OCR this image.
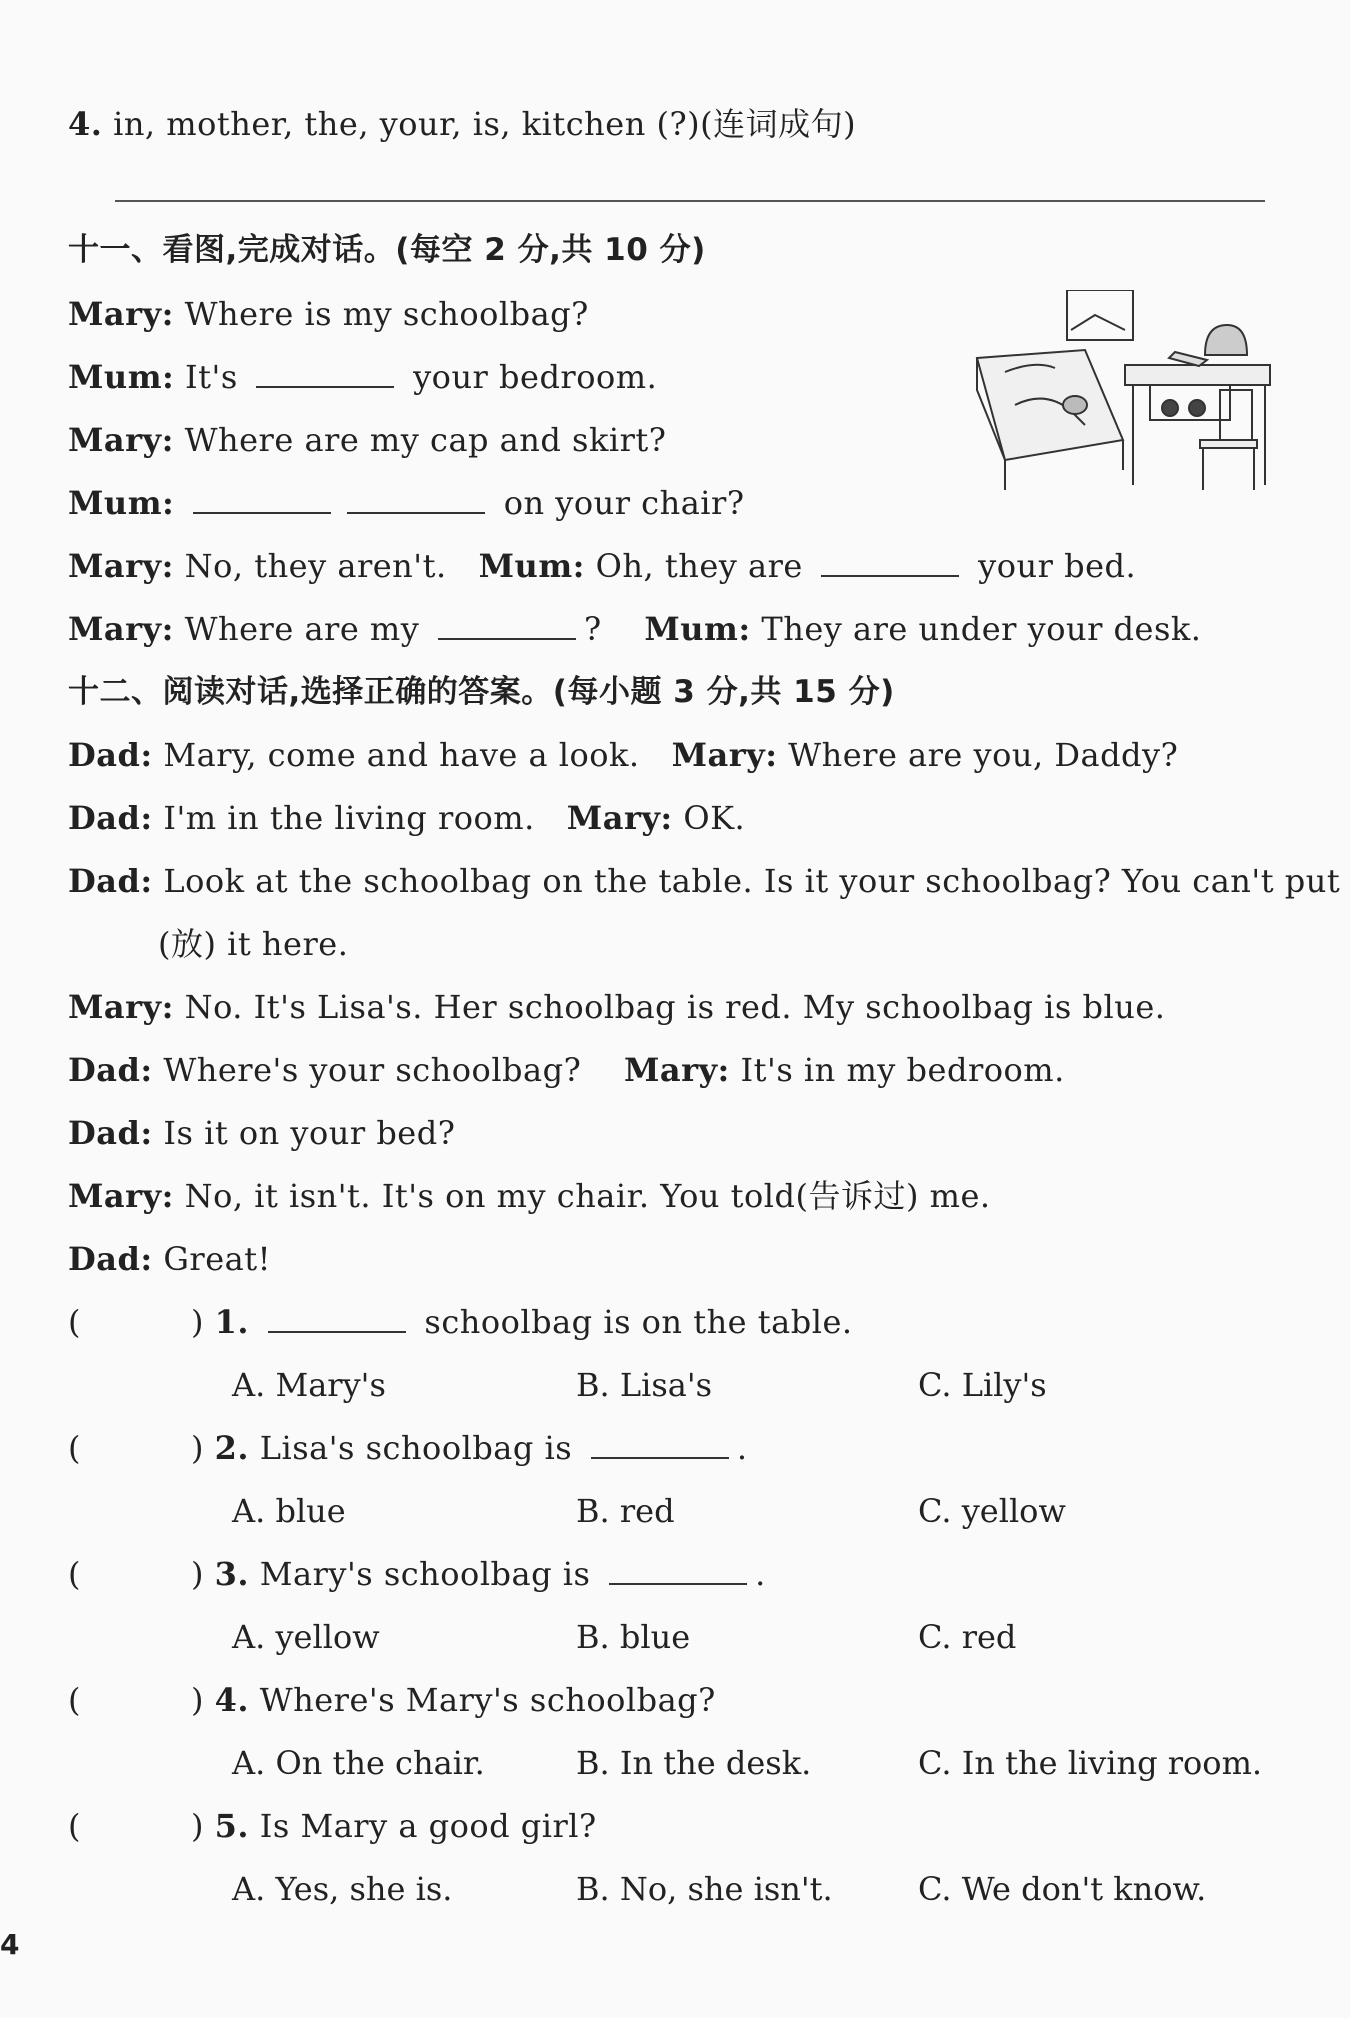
4. in, mother, the, your, is, kitchen (?)(连词成句)
十一、看图,完成对话。(每空 2 分,共 10 分)
Mary: Where is my schoolbag?
Mum: It's	your bedroom.
Mary: Where are my cap and skirt?
Mum:	on your chair?
Mary: No, they aren't. Mum: Oh, they are	your bed.
Mary: Where are my	? Mum: They are under your desk.
十二、阅读对话,选择正确的答案。(每小题 3 分,共 15 分)
Dad: Mary, come and have a look. Mary: Where are you, Daddy?
Dad: I'm in the living room. Mary: OK.
Dad: Look at the schoolbag on the table. Is it your schoolbag? You can't put
(放) it here.
Mary: No. It's Lisa's. Her schoolbag is red. My schoolbag is blue.
Dad: Where's your schoolbag? Mary: It's in my bedroom.
Dad: Is it on your bed?
Mary: No, it isn't. It's on my chair. You told(告诉过) me.
Dad: Great!
(	) 1.	schoolbag is on the table.
A. Mary's	B. Lisa's	C. Lily's
(	) 2. Lisa's schoolbag is	.
A. blue	B. red	C. yellow
(	) 3. Mary's schoolbag is	.
A. yellow	B. blue	C. red
(	) 4. Where's Mary's schoolbag?
A. On the chair.	B. In the desk.	C. In the living room.
(	) 5. Is Mary a good girl?
A. Yes, she is.	B. No, she isn't.	C. We don't know.
4
